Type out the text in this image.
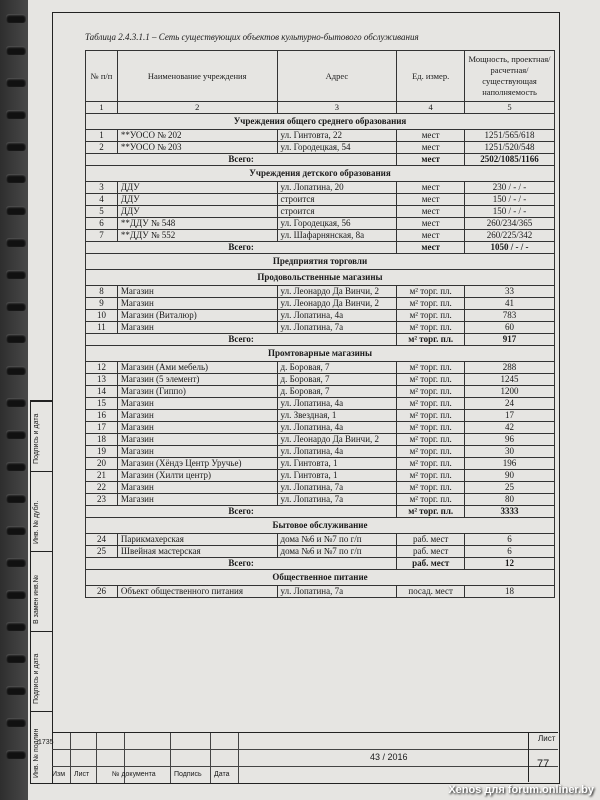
Подпись и дата
Инв. № дубл.
В замен инв.№
Подпись и дата
Инв. № подлин
Таблица 2.4.3.1.1 – Сеть существующих объектов культурно-бытового обслуживания
№ п/п	Наименование учреждения	Адрес	Ед. измер.	Мощность, проектная/ расчетная/ существующая наполняемость
1	2	3	4	5
Учреждения общего среднего образования				
1	**УОСО № 202	ул. Гинтовта, 22	мест	1251/565/618
2	**УОСО № 203	ул. Городецкая, 54	мест	1251/520/548
Всего:			мест	2502/1085/1166
Учреждения детского образования				
3	ДДУ	ул. Лопатина, 20	мест	230 / - / -
4	ДДУ	строится	мест	150 / - / -
5	ДДУ	строится	мест	150 / - / -
6	**ДДУ № 548	ул. Городецкая, 56	мест	260/234/365
7	**ДДУ № 552	ул. Шафарнянская, 8а	мест	260/225/342
Всего:			мест	1050 / - / -
Предприятия торговли				
Продовольственные магазины				
8	Магазин	ул. Леонардо Да Винчи, 2	м² торг. пл.	33
9	Магазин	ул. Леонардо Да Винчи, 2	м² торг. пл.	41
10	Магазин (Виталюр)	ул. Лопатина, 4а	м² торг. пл.	783
11	Магазин	ул. Лопатина, 7а	м² торг. пл.	60
Всего:			м² торг. пл.	917
Промтоварные магазины				
12	Магазин (Ами мебель)	д. Боровая, 7	м² торг. пл.	288
13	Магазин (5 элемент)	д. Боровая, 7	м² торг. пл.	1245
14	Магазин (Гиппо)	д. Боровая, 7	м² торг. пл.	1200
15	Магазин	ул. Лопатина, 4а	м² торг. пл.	24
16	Магазин	ул. Звездная, 1	м² торг. пл.	17
17	Магазин	ул. Лопатина, 4а	м² торг. пл.	42
18	Магазин	ул. Леонардо Да Винчи, 2	м² торг. пл.	96
19	Магазин	ул. Лопатина, 4а	м² торг. пл.	30
20	Магазин (Хёндэ Центр Уручье)	ул. Гинтовта, 1	м² торг. пл.	196
21	Магазин (Хилти центр)	ул. Гинтовта, 1	м² торг. пл.	90
22	Магазин	ул. Лопатина, 7а	м² торг. пл.	25
23	Магазин	ул. Лопатина, 7а	м² торг. пл.	80
Всего:			м² торг. пл.	3333
Бытовое обслуживание				
24	Парикмахерская	дома №6 и №7 по г/п	раб. мест	6
25	Швейная мастерская	дома №6 и №7 по г/п	раб. мест	6
Всего:			раб. мест	12
Общественное питание				
26	Объект общественного питания	ул. Лопатина, 7а	посад. мест	18
1735
Изм Лист	№ документа	Подпись Дата
43 / 2016
Лист
77
Xenos для forum.onliner.by
